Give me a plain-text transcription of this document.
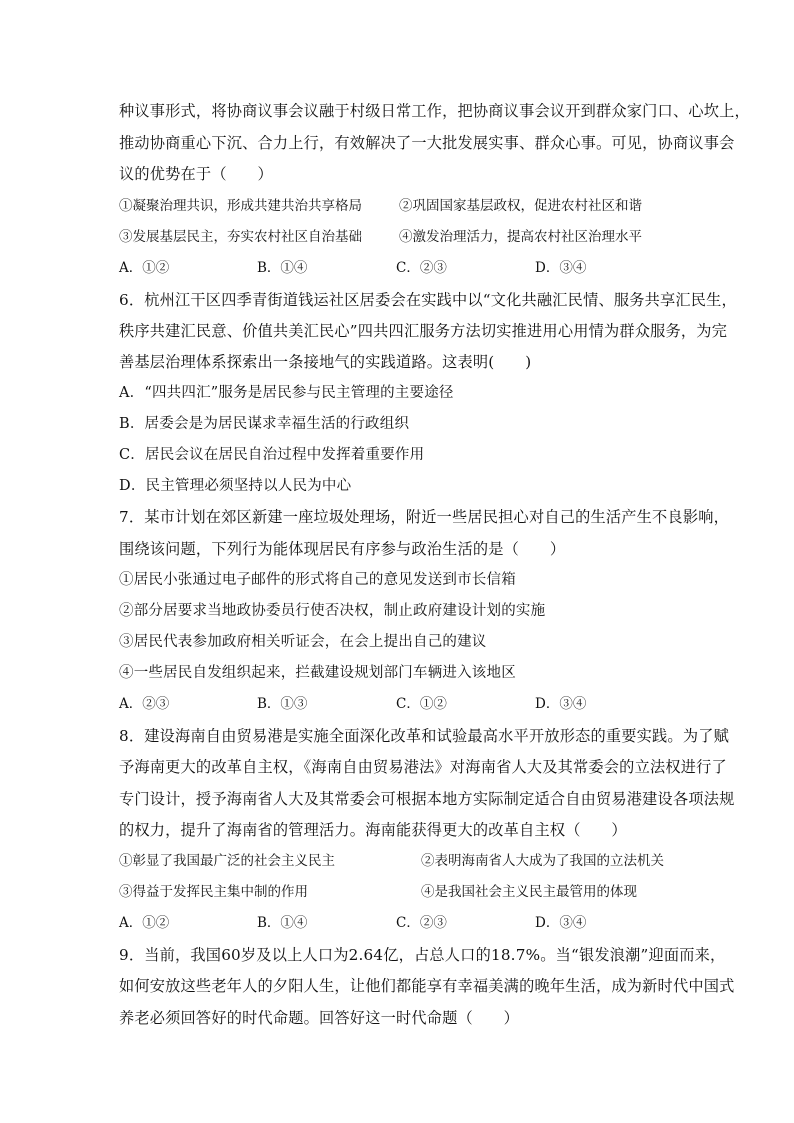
种议事形式，将协商议事会议融于村级日常工作，把协商议事会议开到群众家门口、心坎上，
推动协商重心下沉、合力上行，有效解决了一大批发展实事、群众心事。可见，协商议事会
议的优势在于（　　）
①凝聚治理共识，形成共建共治共享格局	②巩固国家基层政权，促进农村社区和谐
③发展基层民主，夯实农村社区自治基础	④激发治理活力，提高农村社区治理水平
A．①②	B．①④	C．②③	D．③④
6．杭州江干区四季青街道钱运社区居委会在实践中以“文化共融汇民情、服务共享汇民生，
秩序共建汇民意、价值共美汇民心”四共四汇服务方法切实推进用心用情为群众服务，为完
善基层治理体系探索出一条接地气的实践道路。这表明(　　)
A．“四共四汇”服务是居民参与民主管理的主要途径
B．居委会是为居民谋求幸福生活的行政组织
C．居民会议在居民自治过程中发挥着重要作用
D．民主管理必须坚持以人民为中心
7．某市计划在郊区新建一座垃圾处理场，附近一些居民担心对自己的生活产生不良影响，
围绕该问题，下列行为能体现居民有序参与政治生活的是（　　）
①居民小张通过电子邮件的形式将自己的意见发送到市长信箱
②部分居要求当地政协委员行使否决权，制止政府建设计划的实施
③居民代表参加政府相关听证会，在会上提出自己的建议
④一些居民自发组织起来，拦截建设规划部门车辆进入该地区
A．②③	B．①③	C．①②	D．③④
8．建设海南自由贸易港是实施全面深化改革和试验最高水平开放形态的重要实践。为了赋
予海南更大的改革自主权，《海南自由贸易港法》对海南省人大及其常委会的立法权进行了
专门设计，授予海南省人大及其常委会可根据本地方实际制定适合自由贸易港建设各项法规
的权力，提升了海南省的管理活力。海南能获得更大的改革自主权（　　）
①彰显了我国最广泛的社会主义民主	②表明海南省人大成为了我国的立法机关
③得益于发挥民主集中制的作用	④是我国社会主义民主最管用的体现
A．①②	B．①④	C．②③	D．③④
9．当前，我国60岁及以上人口为2.64亿，占总人口的18.7%。当“银发浪潮”迎面而来，
如何安放这些老年人的夕阳人生，让他们都能享有幸福美满的晚年生活，成为新时代中国式
养老必须回答好的时代命题。回答好这一时代命题（　　）
